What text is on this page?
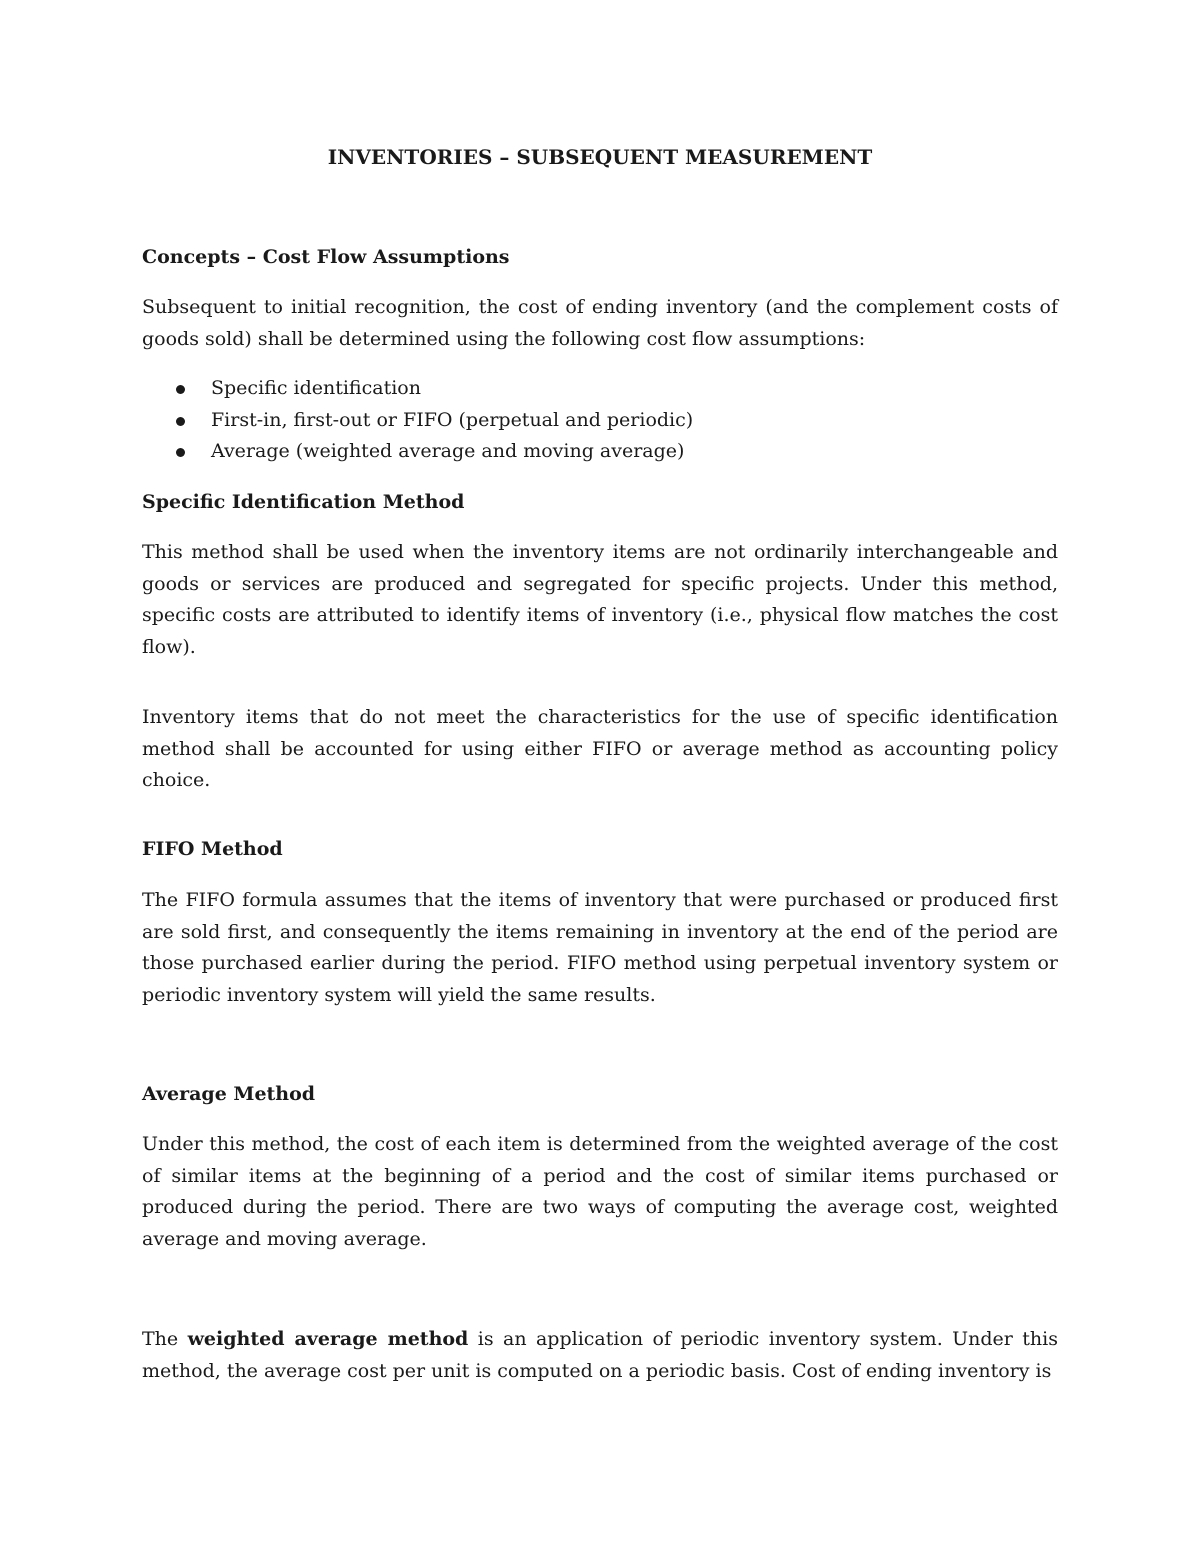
INVENTORIES – SUBSEQUENT MEASUREMENT
Concepts – Cost Flow Assumptions
Subsequent to initial recognition, the cost of ending inventory (and the complement costs of goods sold) shall be determined using the following cost flow assumptions:
Specific identification
First-in, first-out or FIFO (perpetual and periodic)
Average (weighted average and moving average)
Specific Identification Method
This method shall be used when the inventory items are not ordinarily interchangeable and goods or services are produced and segregated for specific projects. Under this method, specific costs are attributed to identify items of inventory (i.e., physical flow matches the cost flow).
Inventory items that do not meet the characteristics for the use of specific identification method shall be accounted for using either FIFO or average method as accounting policy choice.
FIFO Method
The FIFO formula assumes that the items of inventory that were purchased or produced first are sold first, and consequently the items remaining in inventory at the end of the period are those purchased earlier during the period. FIFO method using perpetual inventory system or periodic inventory system will yield the same results.
Average Method
Under this method, the cost of each item is determined from the weighted average of the cost of similar items at the beginning of a period and the cost of similar items purchased or produced during the period. There are two ways of computing the average cost, weighted average and moving average.
The weighted average method is an application of periodic inventory system. Under this method, the average cost per unit is computed on a periodic basis. Cost of ending inventory is
